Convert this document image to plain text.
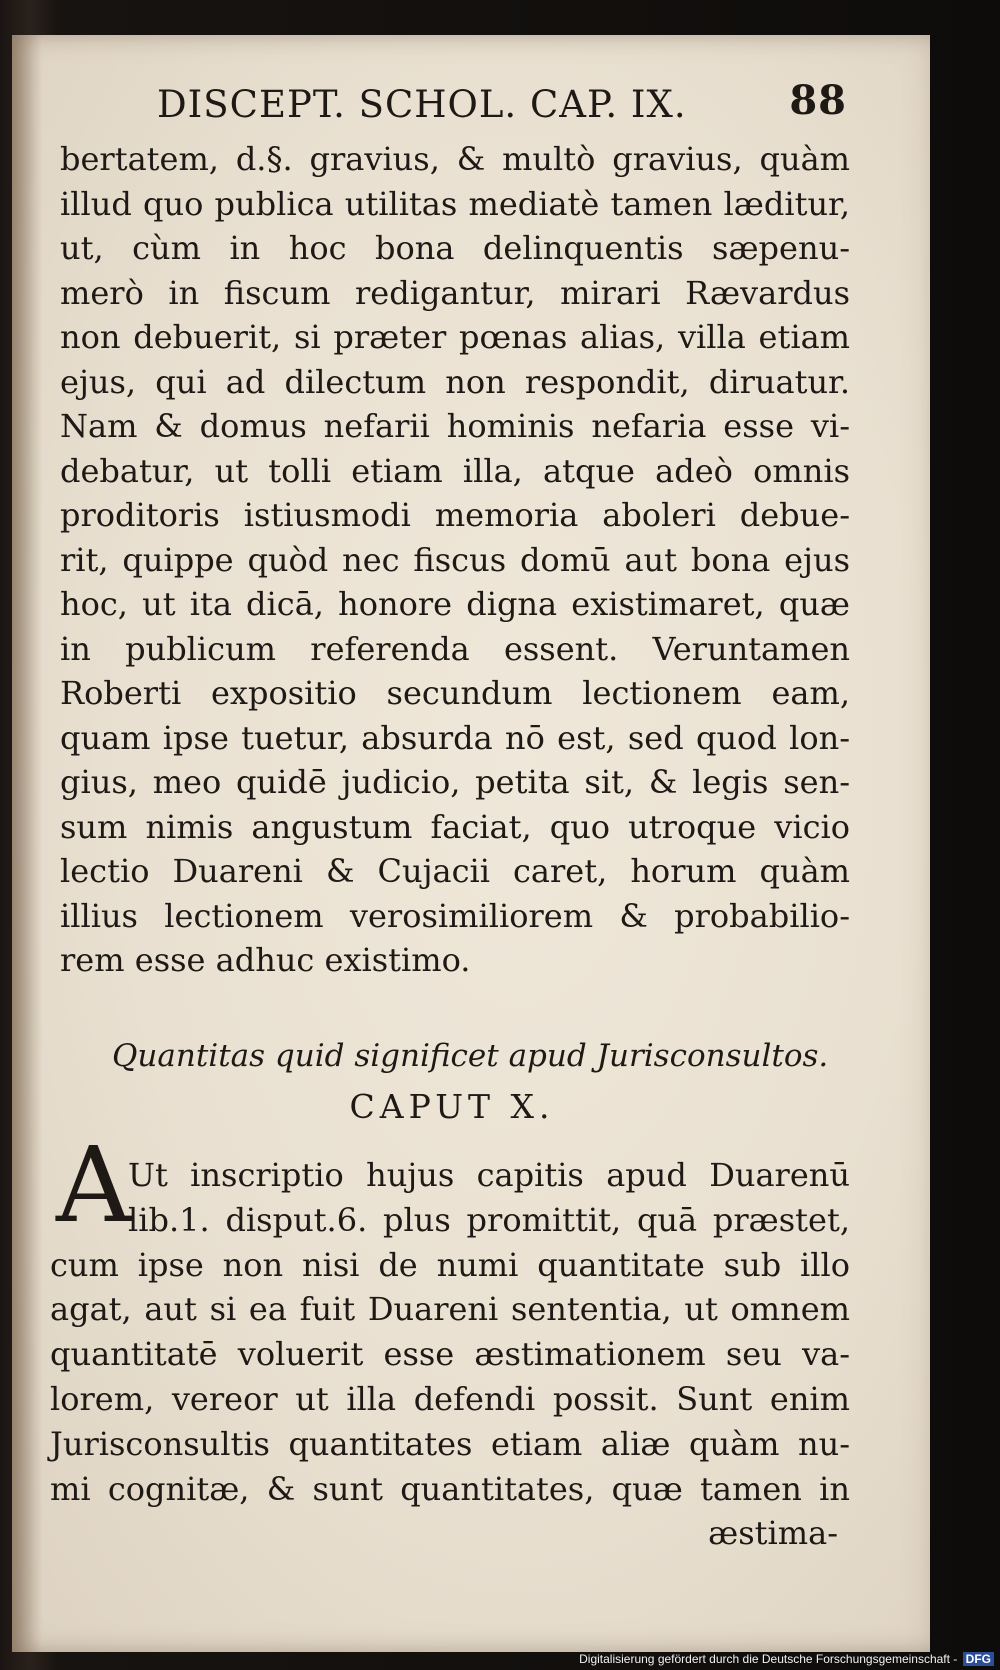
DISCEPT. SCHOL. CAP. IX.	88
bertatem, d.§. gravius, & multò gravius, quàm
illud quo publica utilitas mediatè tamen læditur,
ut, cùm in hoc bona delinquentis sæpenu-
merò in fiscum redigantur, mirari Rævardus
non debuerit, si præter pœnas alias, villa etiam
ejus, qui ad dilectum non respondit, diruatur.
Nam & domus nefarii hominis nefaria esse vi-
debatur, ut tolli etiam illa, atque adeò omnis
proditoris istiusmodi memoria aboleri debue-
rit, quippe quòd nec fiscus domū aut bona ejus
hoc, ut ita dicā, honore digna existimaret, quæ
in publicum referenda essent. Veruntamen
Roberti expositio secundum lectionem eam,
quam ipse tuetur, absurda nō est, sed quod lon-
gius, meo quidē judicio, petita sit, & legis sen-
sum nimis angustum faciat, quo utroque vicio
lectio Duareni & Cujacii caret, horum quàm
illius lectionem verosimiliorem & probabilio-
rem esse adhuc existimo.
Quantitas quid significet apud Jurisconsultos.
CAPUT X.
A
Ut inscriptio hujus capitis apud Duarenū
lib.1. disput.6. plus promittit, quā præstet,
cum ipse non nisi de numi quantitate sub illo
agat, aut si ea fuit Duareni sententia, ut omnem
quantitatē voluerit esse æstimationem seu va-
lorem, vereor ut illa defendi possit. Sunt enim
Jurisconsultis quantitates etiam aliæ quàm nu-
mi cognitæ, & sunt quantitates, quæ tamen in
æstima-
Digitalisierung gefördert durch die Deutsche Forschungsgemeinschaft - DFG
